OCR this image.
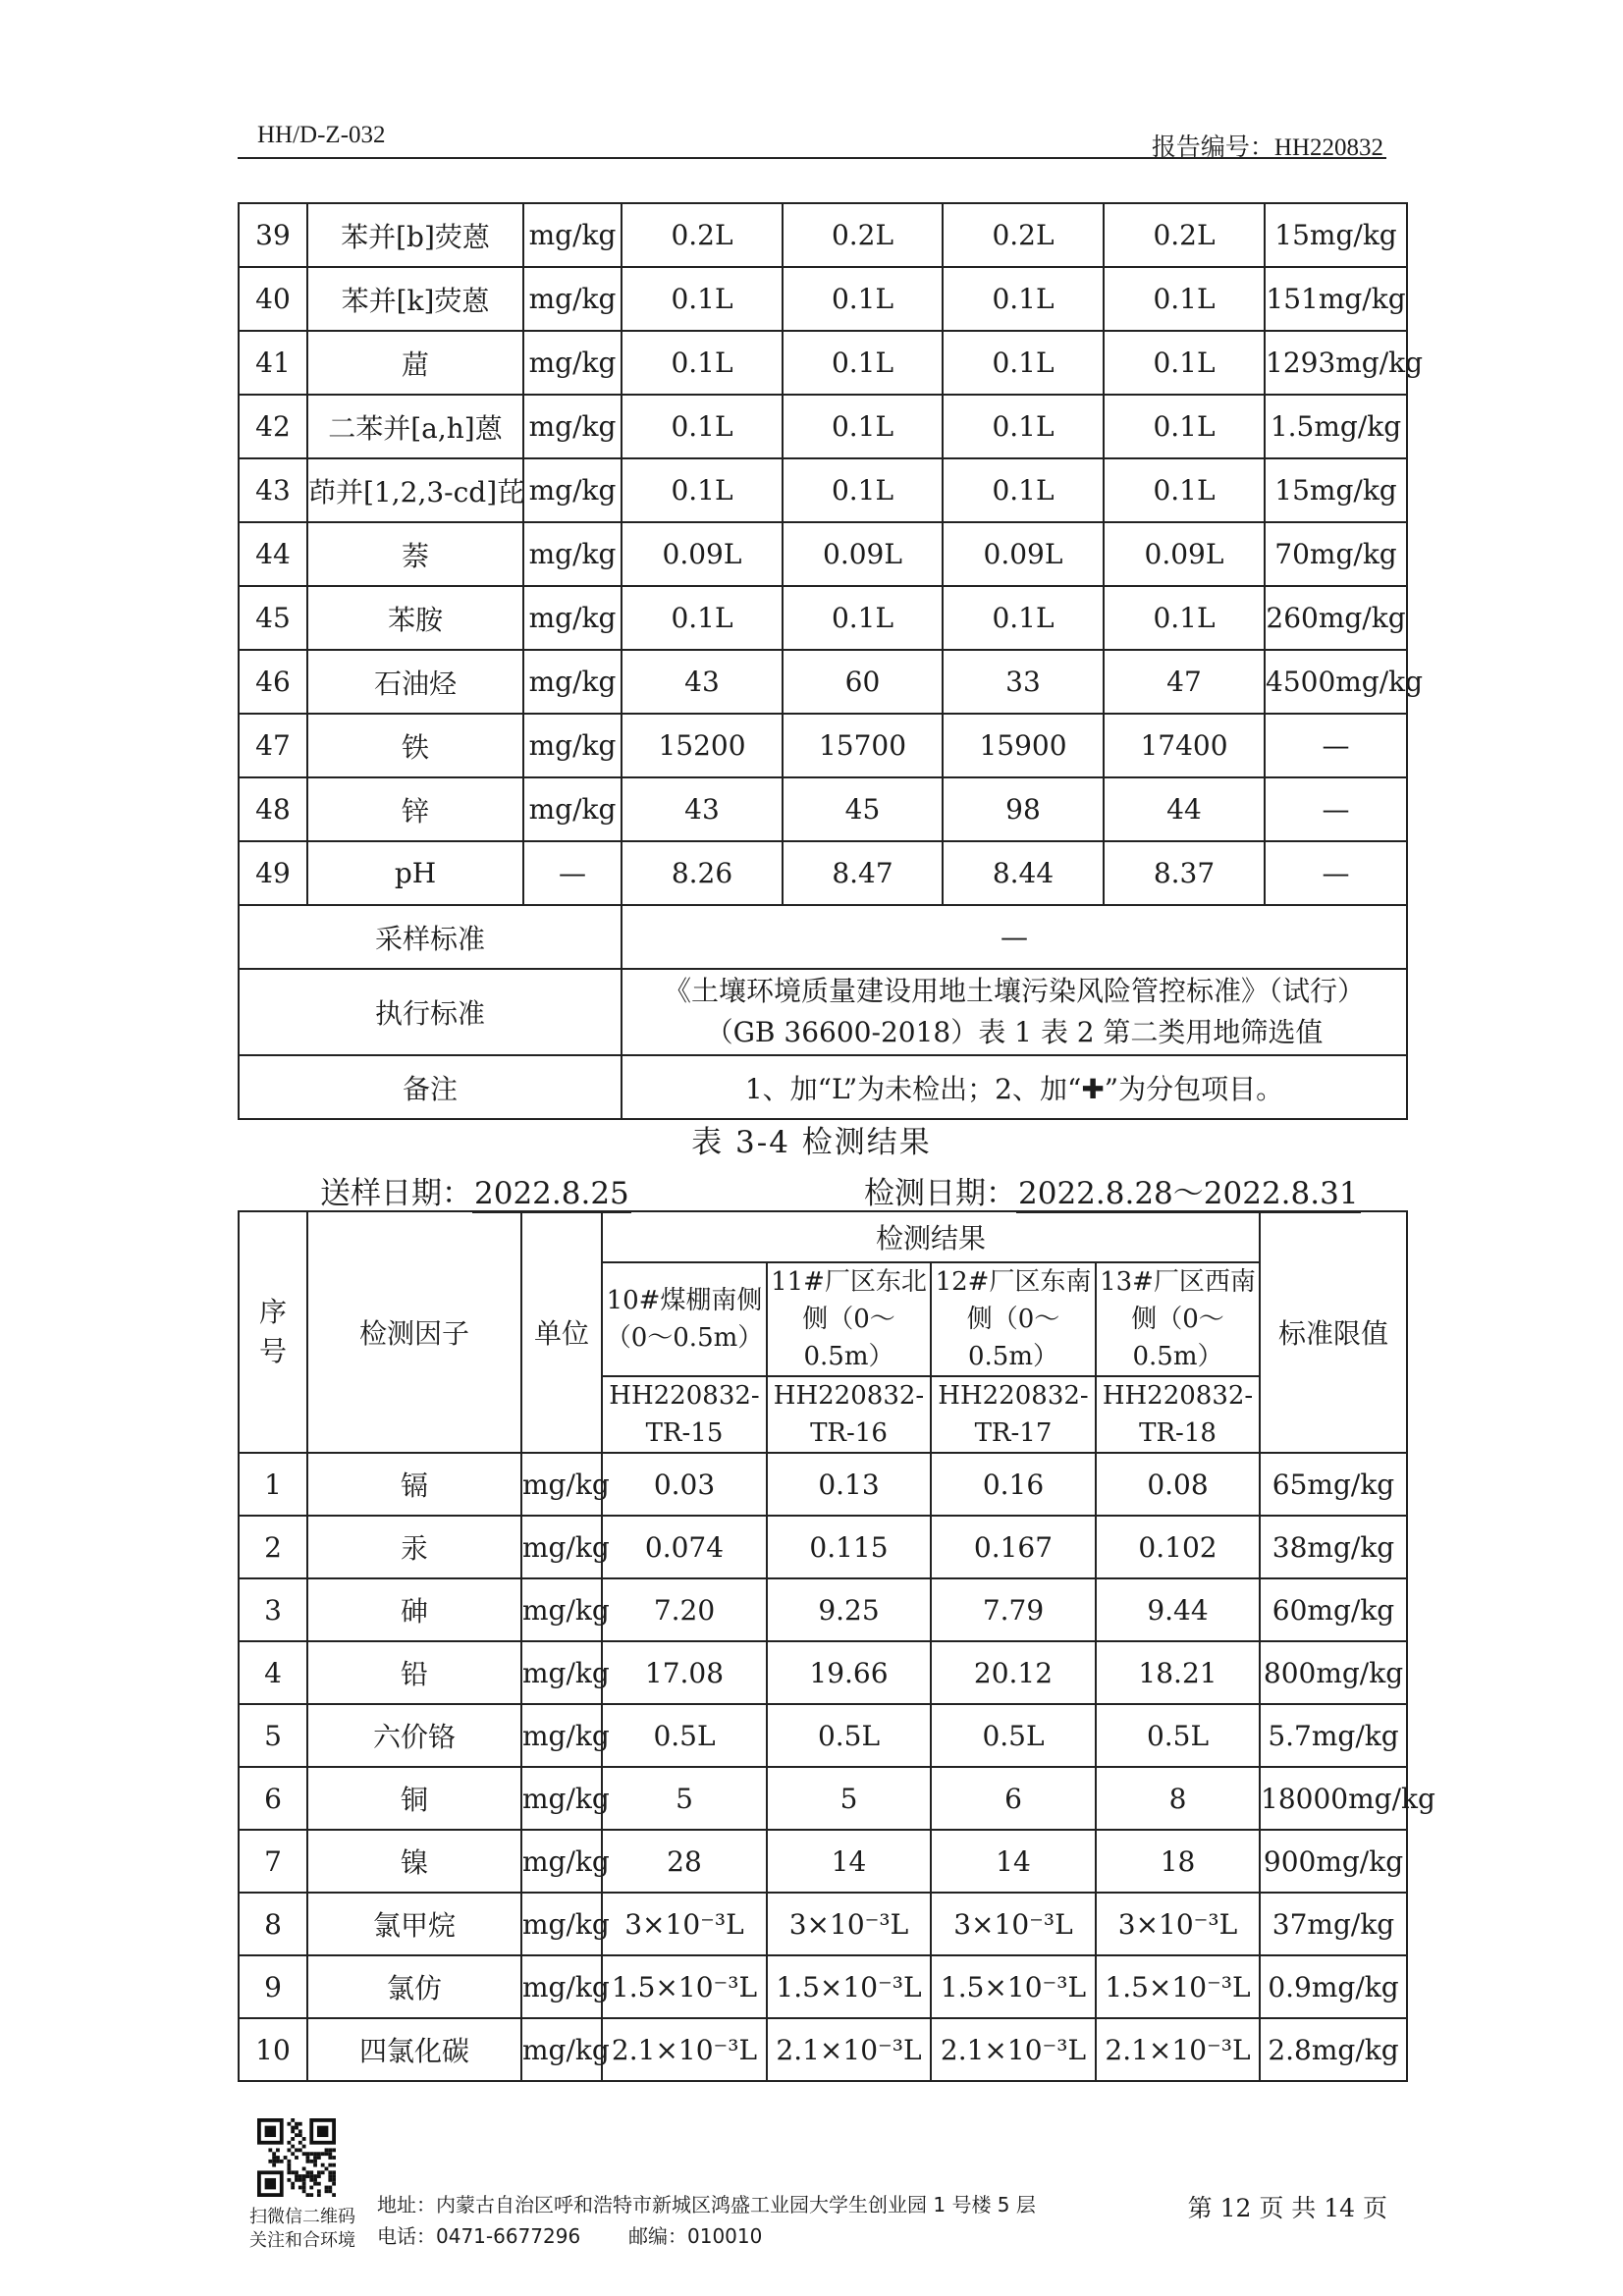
HH/D-Z-032	报告编号：HH220832
39	苯并[b]荧蒽	mg/kg	0.2L	0.2L	0.2L	0.2L	15mg/kg
40	苯并[k]荧蒽	mg/kg	0.1L	0.1L	0.1L	0.1L	151mg/kg
41	䓛	mg/kg	0.1L	0.1L	0.1L	0.1L	1293mg/kg
42	二苯并[a,h]蒽	mg/kg	0.1L	0.1L	0.1L	0.1L	1.5mg/kg
43	茚并[1,2,3-cd]芘	mg/kg	0.1L	0.1L	0.1L	0.1L	15mg/kg
44	萘	mg/kg	0.09L	0.09L	0.09L	0.09L	70mg/kg
45	苯胺	mg/kg	0.1L	0.1L	0.1L	0.1L	260mg/kg
46	石油烃	mg/kg	43	60	33	47	4500mg/kg
47	铁	mg/kg	15200	15700	15900	17400	—
48	锌	mg/kg	43	45	98	44	—
49	pH	—	8.26	8.47	8.44	8.37	—
采样标准			—				
执行标准			《土壤环境质量建设用地土壤污染风险管控标准》（试行）
（GB 36600-2018）表 1 表 2 第二类用地筛选值				

备注			1、加“L”为未检出；2、加“✚”为分包项目。				
表 3-4 检测结果
送样日期：2022.8.25	检测日期：2022.8.28～2022.8.31
序号	检测因子	单位	检测结果				标准限值
			10#煤棚南侧（0～0.5m）	11#厂区东北侧（0～0.5m）	12#厂区东南侧（0～0.5m）	13#厂区西南侧（0～0.5m）	
			HH220832-TR-15	HH220832-TR-16	HH220832-TR-17	HH220832-TR-18	
1	镉	mg/kg	0.03	0.13	0.16	0.08	65mg/kg
2	汞	mg/kg	0.074	0.115	0.167	0.102	38mg/kg
3	砷	mg/kg	7.20	9.25	7.79	9.44	60mg/kg
4	铅	mg/kg	17.08	19.66	20.12	18.21	800mg/kg
5	六价铬	mg/kg	0.5L	0.5L	0.5L	0.5L	5.7mg/kg
6	铜	mg/kg	5	5	6	8	18000mg/kg
7	镍	mg/kg	28	14	14	18	900mg/kg
8	氯甲烷	mg/kg	3×10⁻³L	3×10⁻³L	3×10⁻³L	3×10⁻³L	37mg/kg
9	氯仿	mg/kg	1.5×10⁻³L	1.5×10⁻³L	1.5×10⁻³L	1.5×10⁻³L	0.9mg/kg
10	四氯化碳	mg/kg	2.1×10⁻³L	2.1×10⁻³L	2.1×10⁻³L	2.1×10⁻³L	2.8mg/kg
扫微信二维码
关注和合环境
地址：内蒙古自治区呼和浩特市新城区鸿盛工业园大学生创业园 1 号楼 5 层
电话：0471-6677296 邮编：010010
第 12 页 共 14 页
